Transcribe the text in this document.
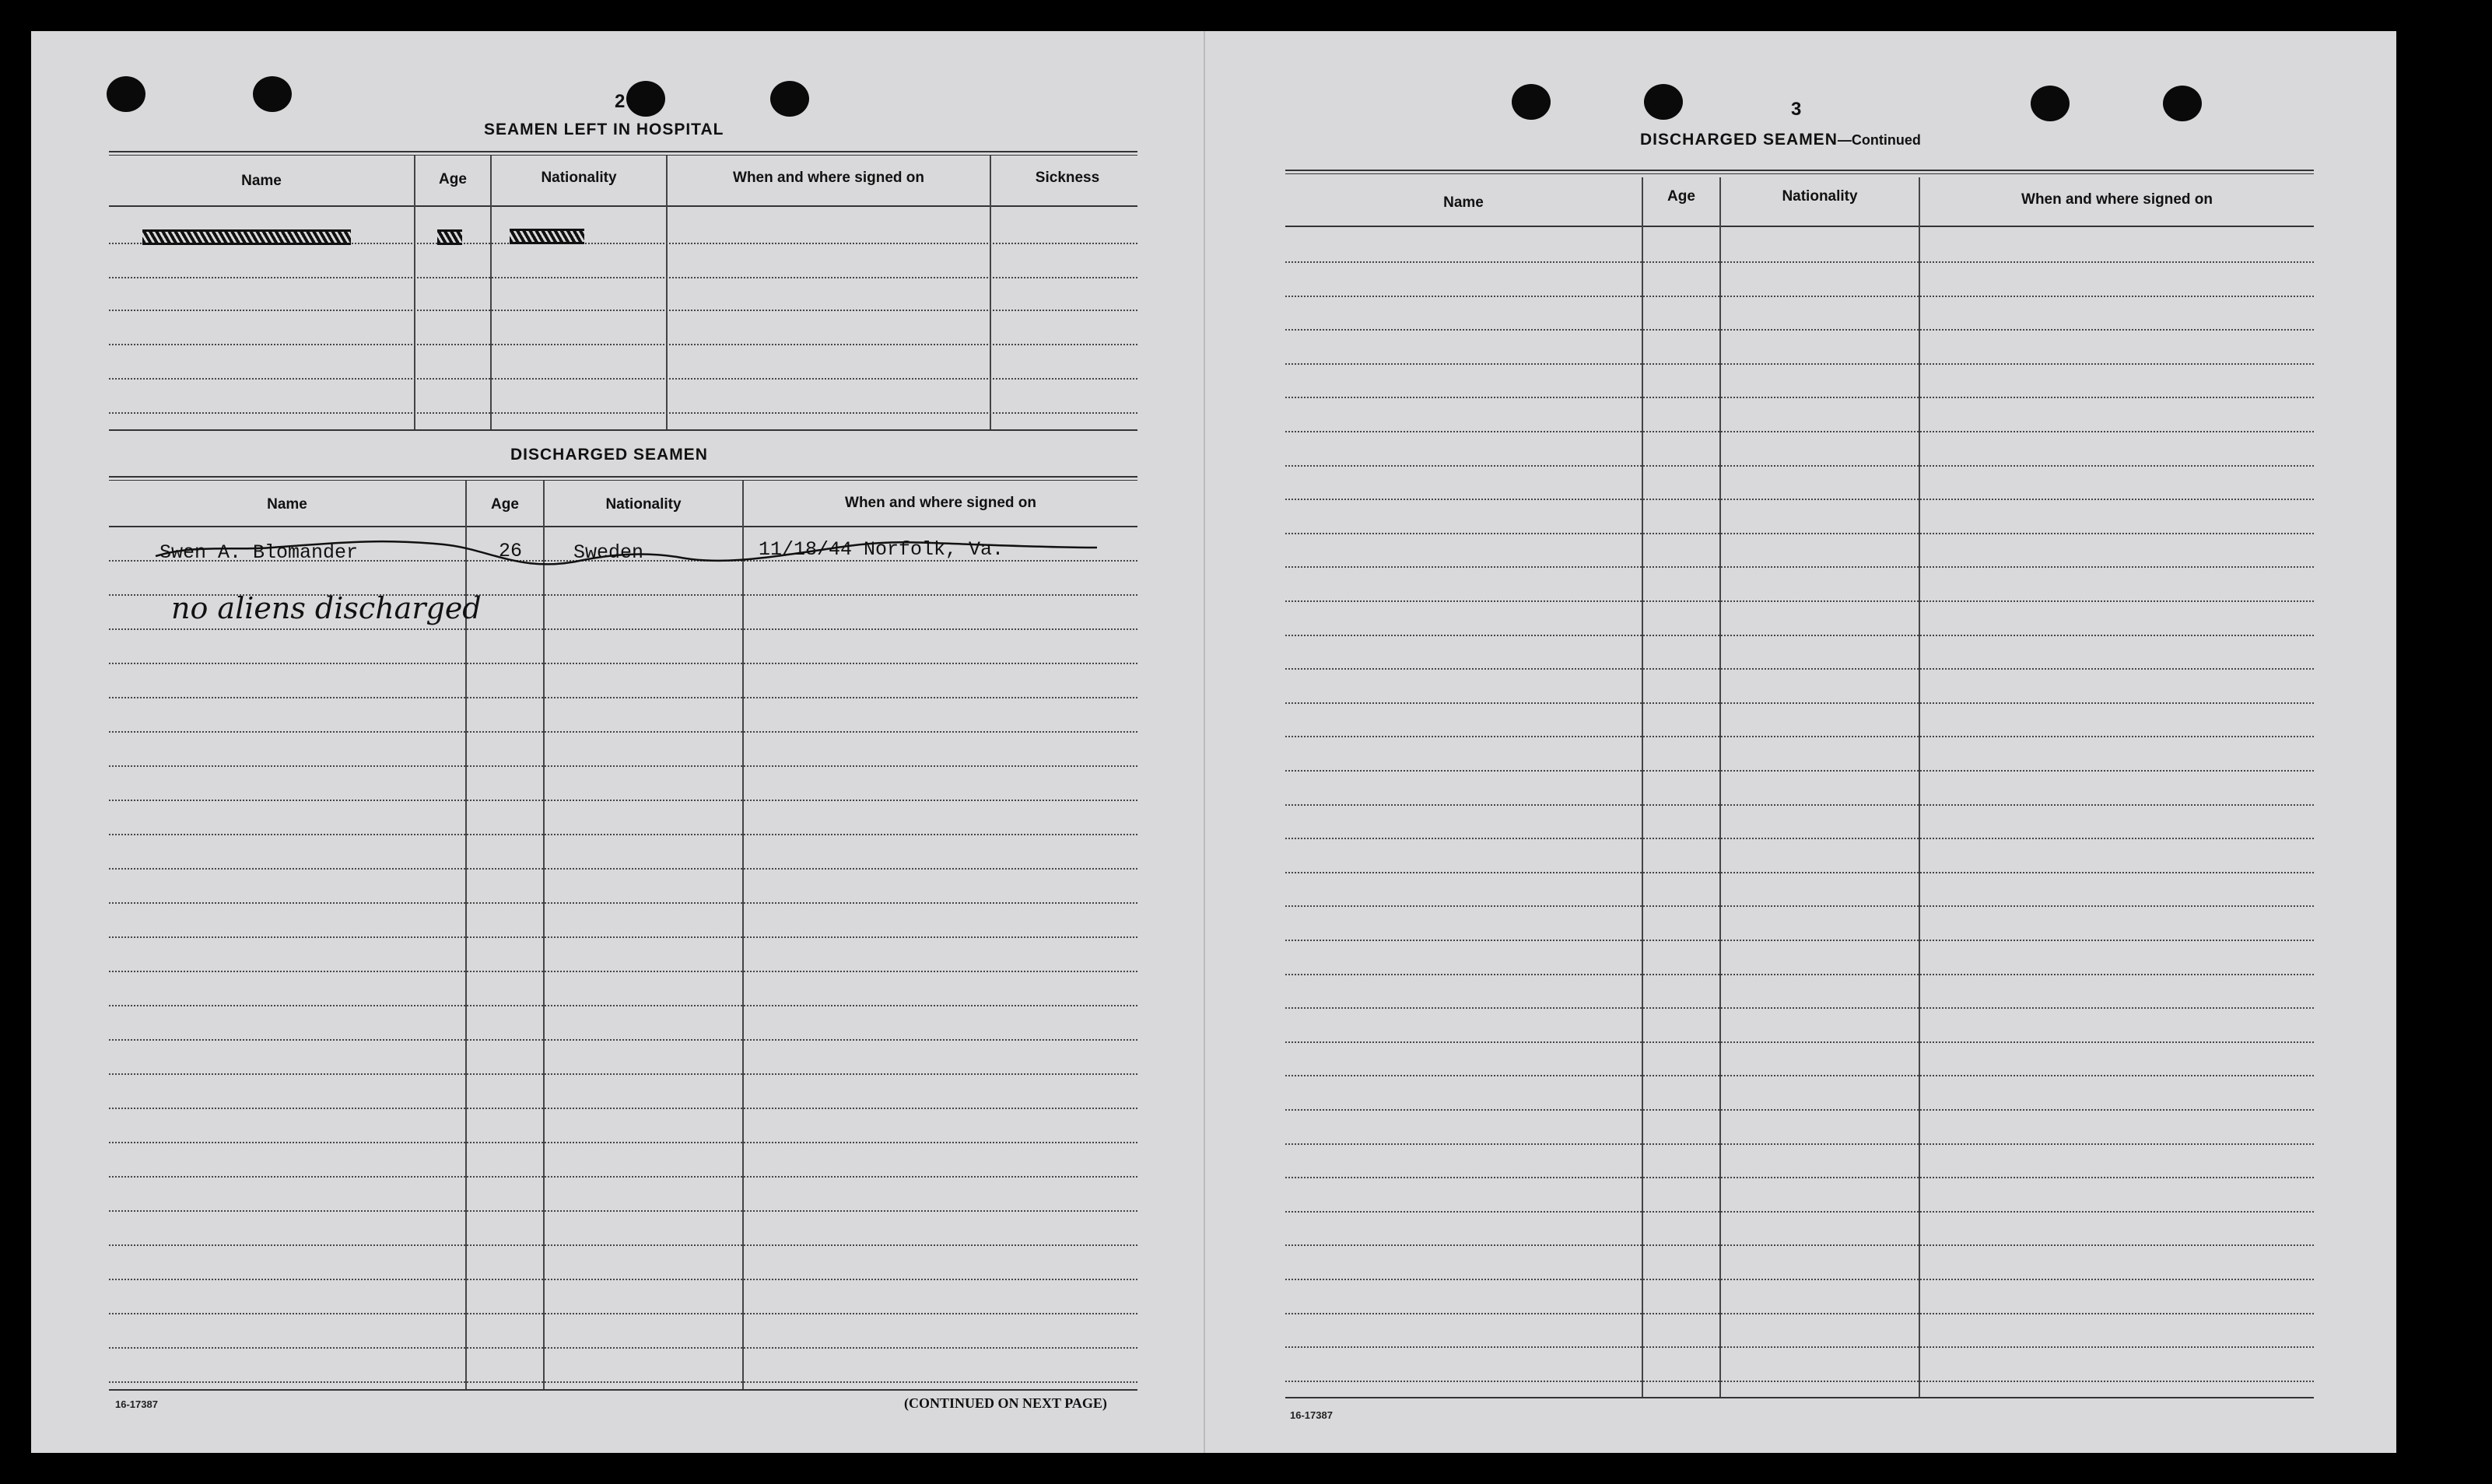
2
SEAMEN LEFT IN HOSPITAL
Name	Age	Nationality	When and where signed on	Sickness
DISCHARGED SEAMEN
Name	Age	Nationality	When and where signed on
Swen A. Blomander	26	Sweden	11/18/44 Norfolk, Va.
no aliens discharged
16-17387	(CONTINUED ON NEXT PAGE)
3
DISCHARGED SEAMEN—Continued
Name	Age	Nationality	When and where signed on
16-17387
